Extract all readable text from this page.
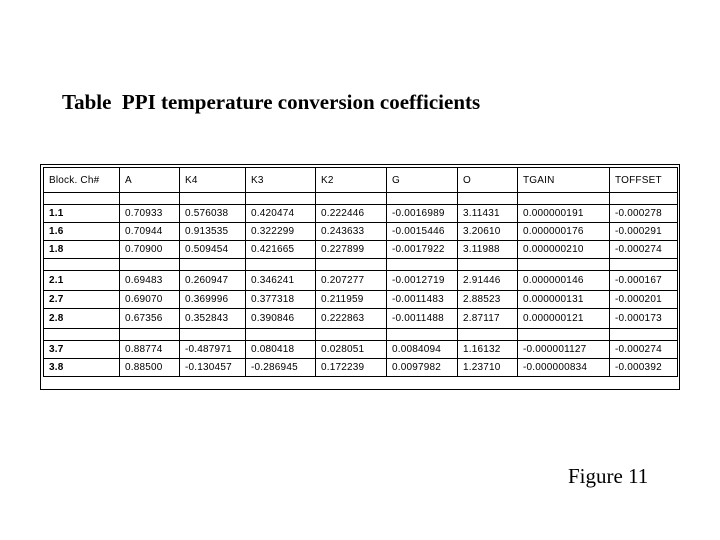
Table  PPI temperature conversion coefficients
Block. Ch#	A	K4	K3	K2	G	O	TGAIN	TOFFSET

1.1	0.70933	0.576038	0.420474	0.222446	-0.0016989	3.11431	0.000000191	-0.000278
1.6	0.70944	0.913535	0.322299	0.243633	-0.0015446	3.20610	0.000000176	-0.000291
1.8	0.70900	0.509454	0.421665	0.227899	-0.0017922	3.11988	0.000000210	-0.000274

2.1	0.69483	0.260947	0.346241	0.207277	-0.0012719	2.91446	0.000000146	-0.000167
2.7	0.69070	0.369996	0.377318	0.211959	-0.0011483	2.88523	0.000000131	-0.000201
2.8	0.67356	0.352843	0.390846	0.222863	-0.0011488	2.87117	0.000000121	-0.000173

3.7	0.88774	-0.487971	0.080418	0.028051	0.0084094	1.16132	-0.000001127	-0.000274
3.8	0.88500	-0.130457	-0.286945	0.172239	0.0097982	1.23710	-0.000000834	-0.000392
Figure 11
